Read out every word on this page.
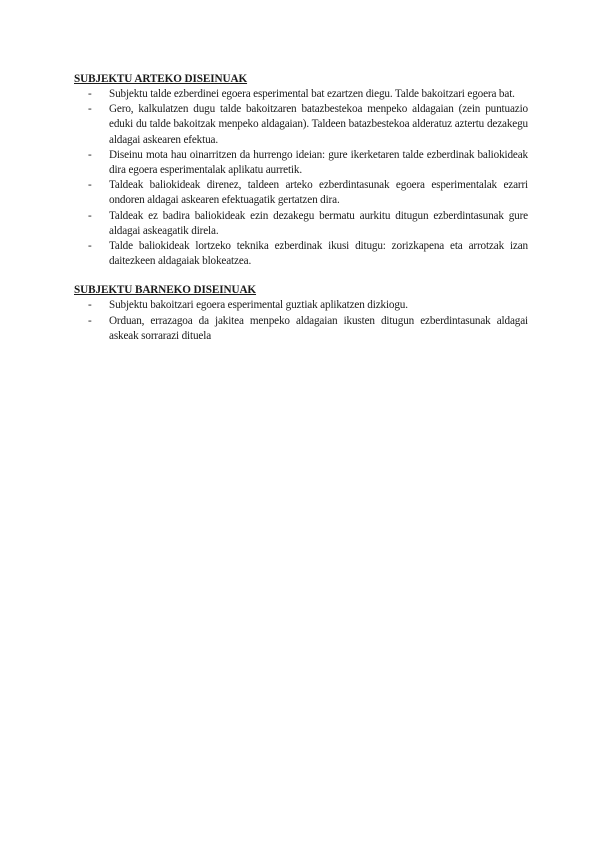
SUBJEKTU ARTEKO DISEINUAK

- Subjektu talde ezberdinei egoera esperimental bat ezartzen diegu. Talde bakoitzari egoera bat.
- Gero, kalkulatzen dugu talde bakoitzaren batazbestekoa menpeko aldagaian (zein puntuazio eduki du talde bakoitzak menpeko aldagaian). Taldeen batazbestekoa alderatuz aztertu dezakegu aldagai askearen efektua.
- Diseinu mota hau oinarritzen da hurrengo ideian: gure ikerketaren talde ezberdinak baliokideak dira egoera esperimentalak aplikatu aurretik.
- Taldeak baliokideak direnez, taldeen arteko ezberdintasunak egoera esperimentalak ezarri ondoren aldagai askearen efektuagatik gertatzen dira.
- Taldeak ez badira baliokideak ezin dezakegu bermatu aurkitu ditugun ezberdintasunak gure aldagai askeagatik direla.
- Talde baliokideak lortzeko teknika ezberdinak ikusi ditugu: zorizkapena eta arrotzak izan daitezkeen aldagaiak blokeatzea.

SUBJEKTU BARNEKO DISEINUAK

- Subjektu bakoitzari egoera esperimental guztiak aplikatzen dizkiogu.
- Orduan, errazagoa da jakitea menpeko aldagaian ikusten ditugun ezberdintasunak aldagai askeak sorrarazi dituela
